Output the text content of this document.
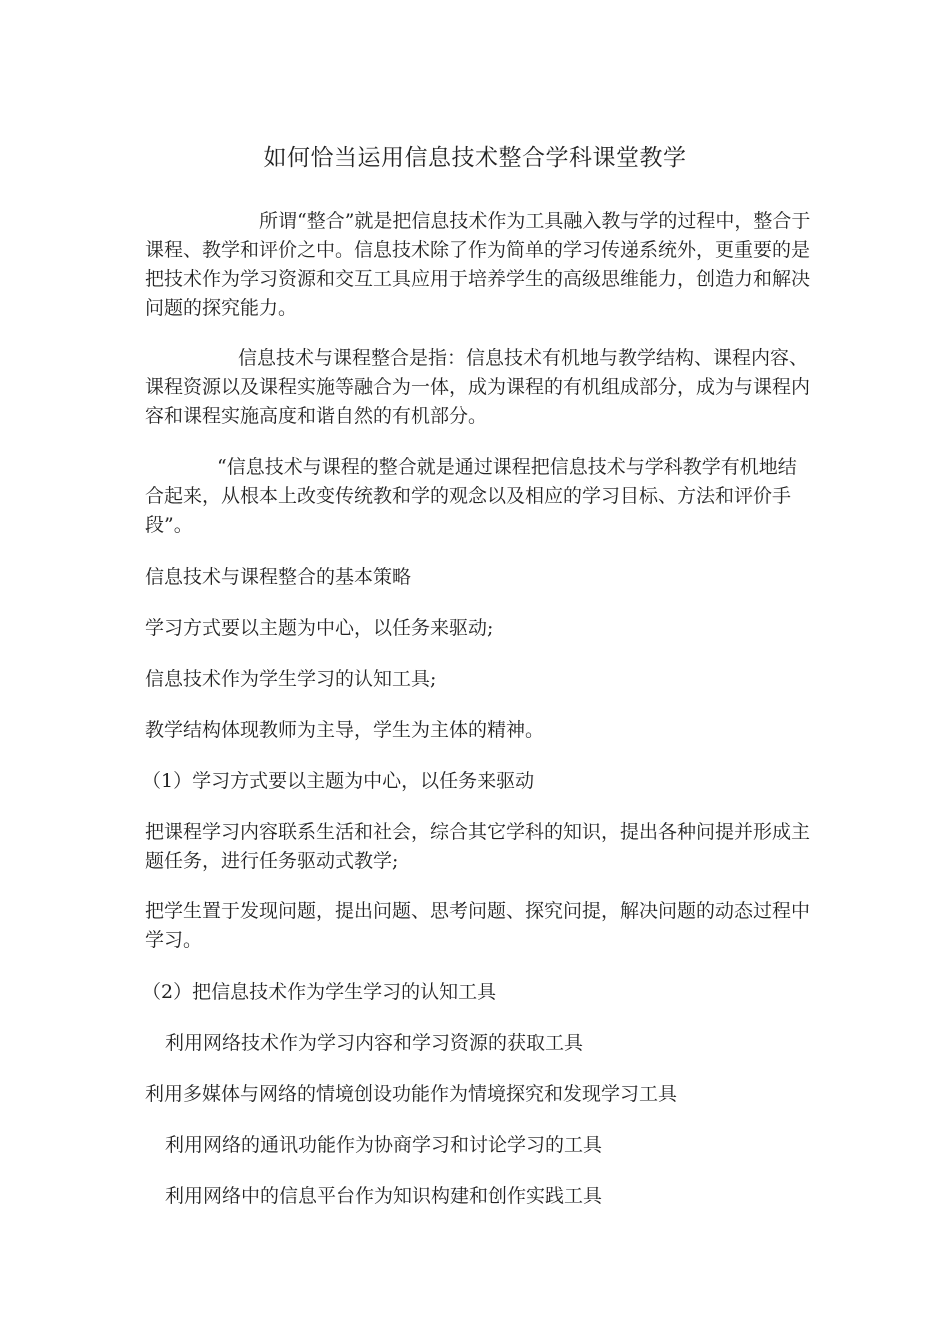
如何恰当运用信息技术整合学科课堂教学

所谓“整合”就是把信息技术作为工具融入教与学的过程中，整合于课程、教学和评价之中。信息技术除了作为简单的学习传递系统外，更重要的是把技术作为学习资源和交互工具应用于培养学生的高级思维能力，创造力和解决问题的探究能力。

信息技术与课程整合是指：信息技术有机地与教学结构、课程内容、课程资源以及课程实施等融合为一体，成为课程的有机组成部分，成为与课程内容和课程实施高度和谐自然的有机部分。

“信息技术与课程的整合就是通过课程把信息技术与学科教学有机地结合起来，从根本上改变传统教和学的观念以及相应的学习目标、方法和评价手段”。

信息技术与课程整合的基本策略
学习方式要以主题为中心，以任务来驱动;
信息技术作为学生学习的认知工具;
教学结构体现教师为主导，学生为主体的精神。
（1）学习方式要以主题为中心，以任务来驱动

把课程学习内容联系生活和社会，综合其它学科的知识，提出各种问提并形成主题任务，进行任务驱动式教学;

把学生置于发现问题，提出问题、思考问题、探究问提，解决问题的动态过程中学习。

（2）把信息技术作为学生学习的认知工具
利用网络技术作为学习内容和学习资源的获取工具
利用多媒体与网络的情境创设功能作为情境探究和发现学习工具
利用网络的通讯功能作为协商学习和讨论学习的工具
利用网络中的信息平台作为知识构建和创作实践工具
